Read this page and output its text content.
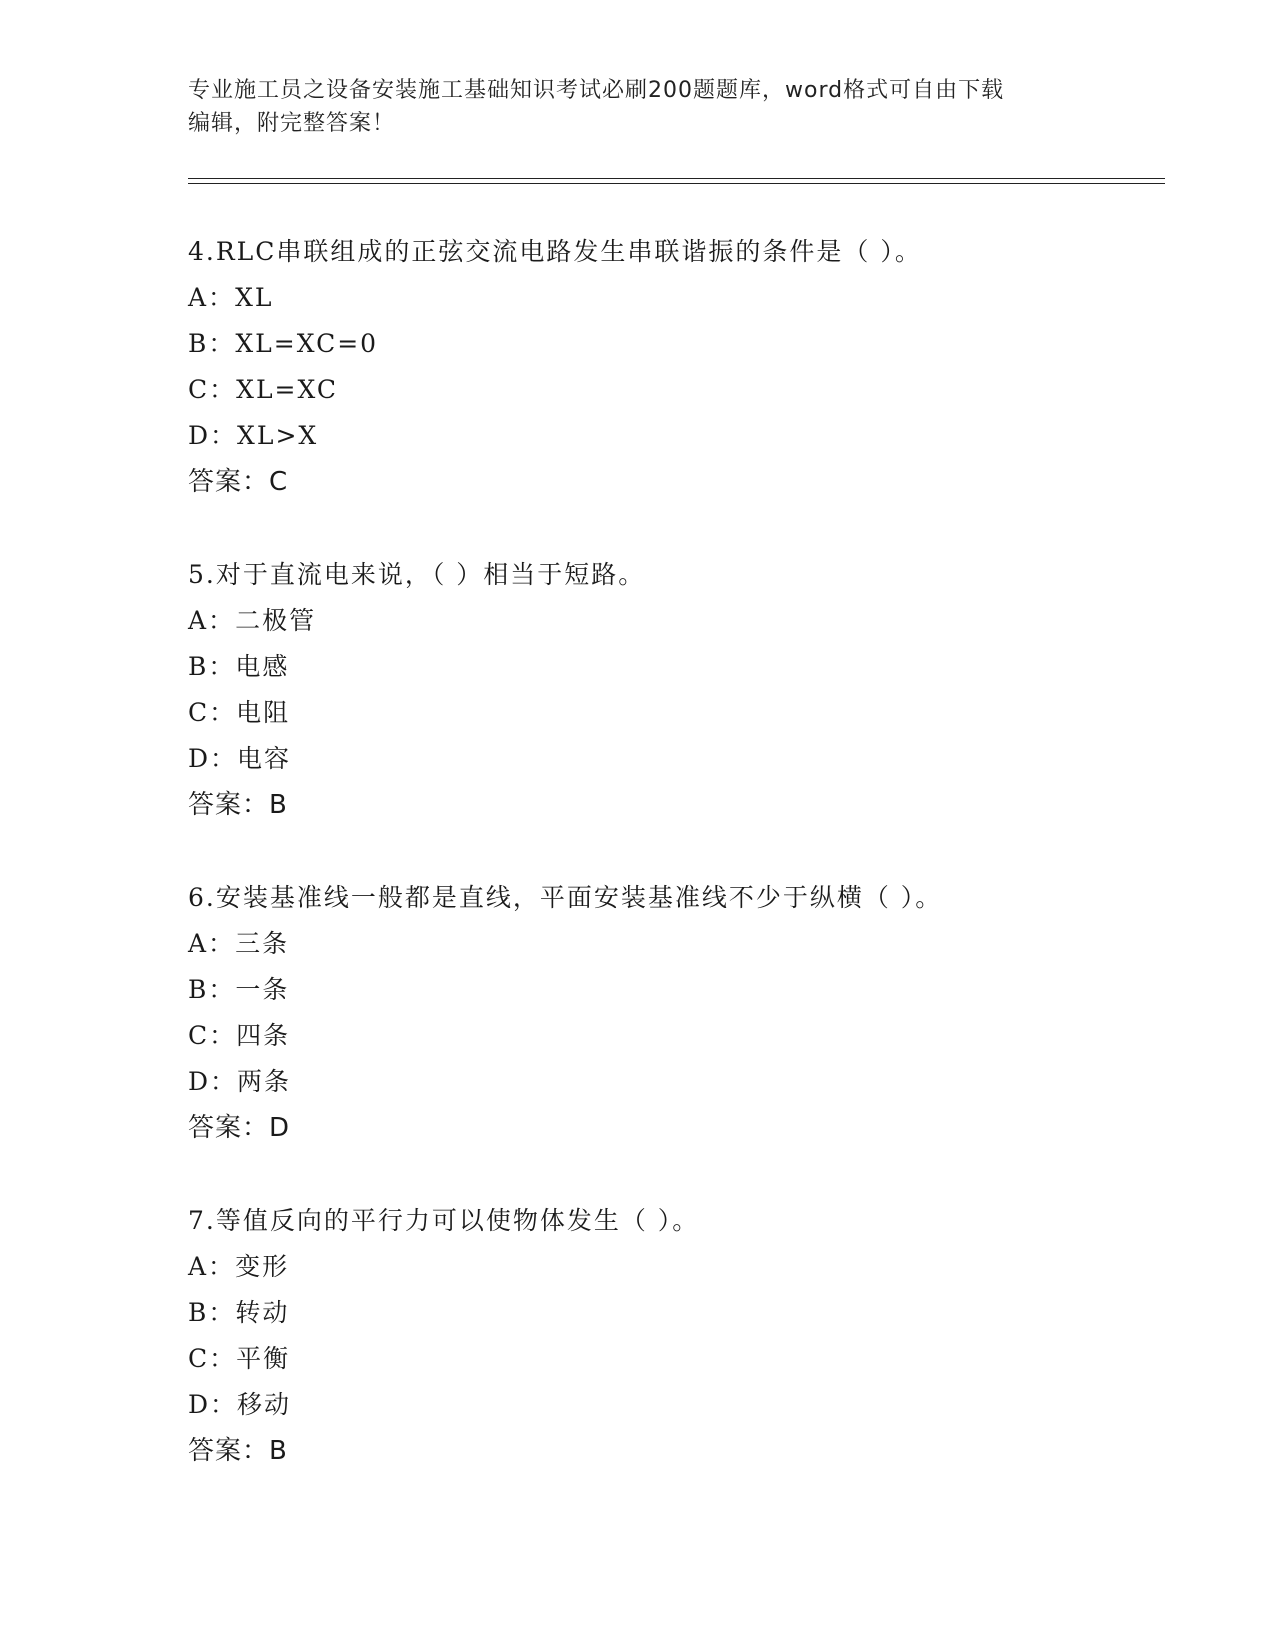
专业施工员之设备安装施工基础知识考试必刷200题题库，word格式可自由下载
编辑，附完整答案！
4.RLC串联组成的正弦交流电路发生串联谐振的条件是（ ）。
A：XL
B：XL=XC=0
C：XL=XC
D：XL>X
答案：C
5.对于直流电来说，（ ）相当于短路。
A：二极管
B：电感
C：电阻
D：电容
答案：B
6.安装基准线一般都是直线，平面安装基准线不少于纵横（ ）。
A：三条
B：一条
C：四条
D：两条
答案：D
7.等值反向的平行力可以使物体发生（ ）。
A：变形
B：转动
C：平衡
D：移动
答案：B
